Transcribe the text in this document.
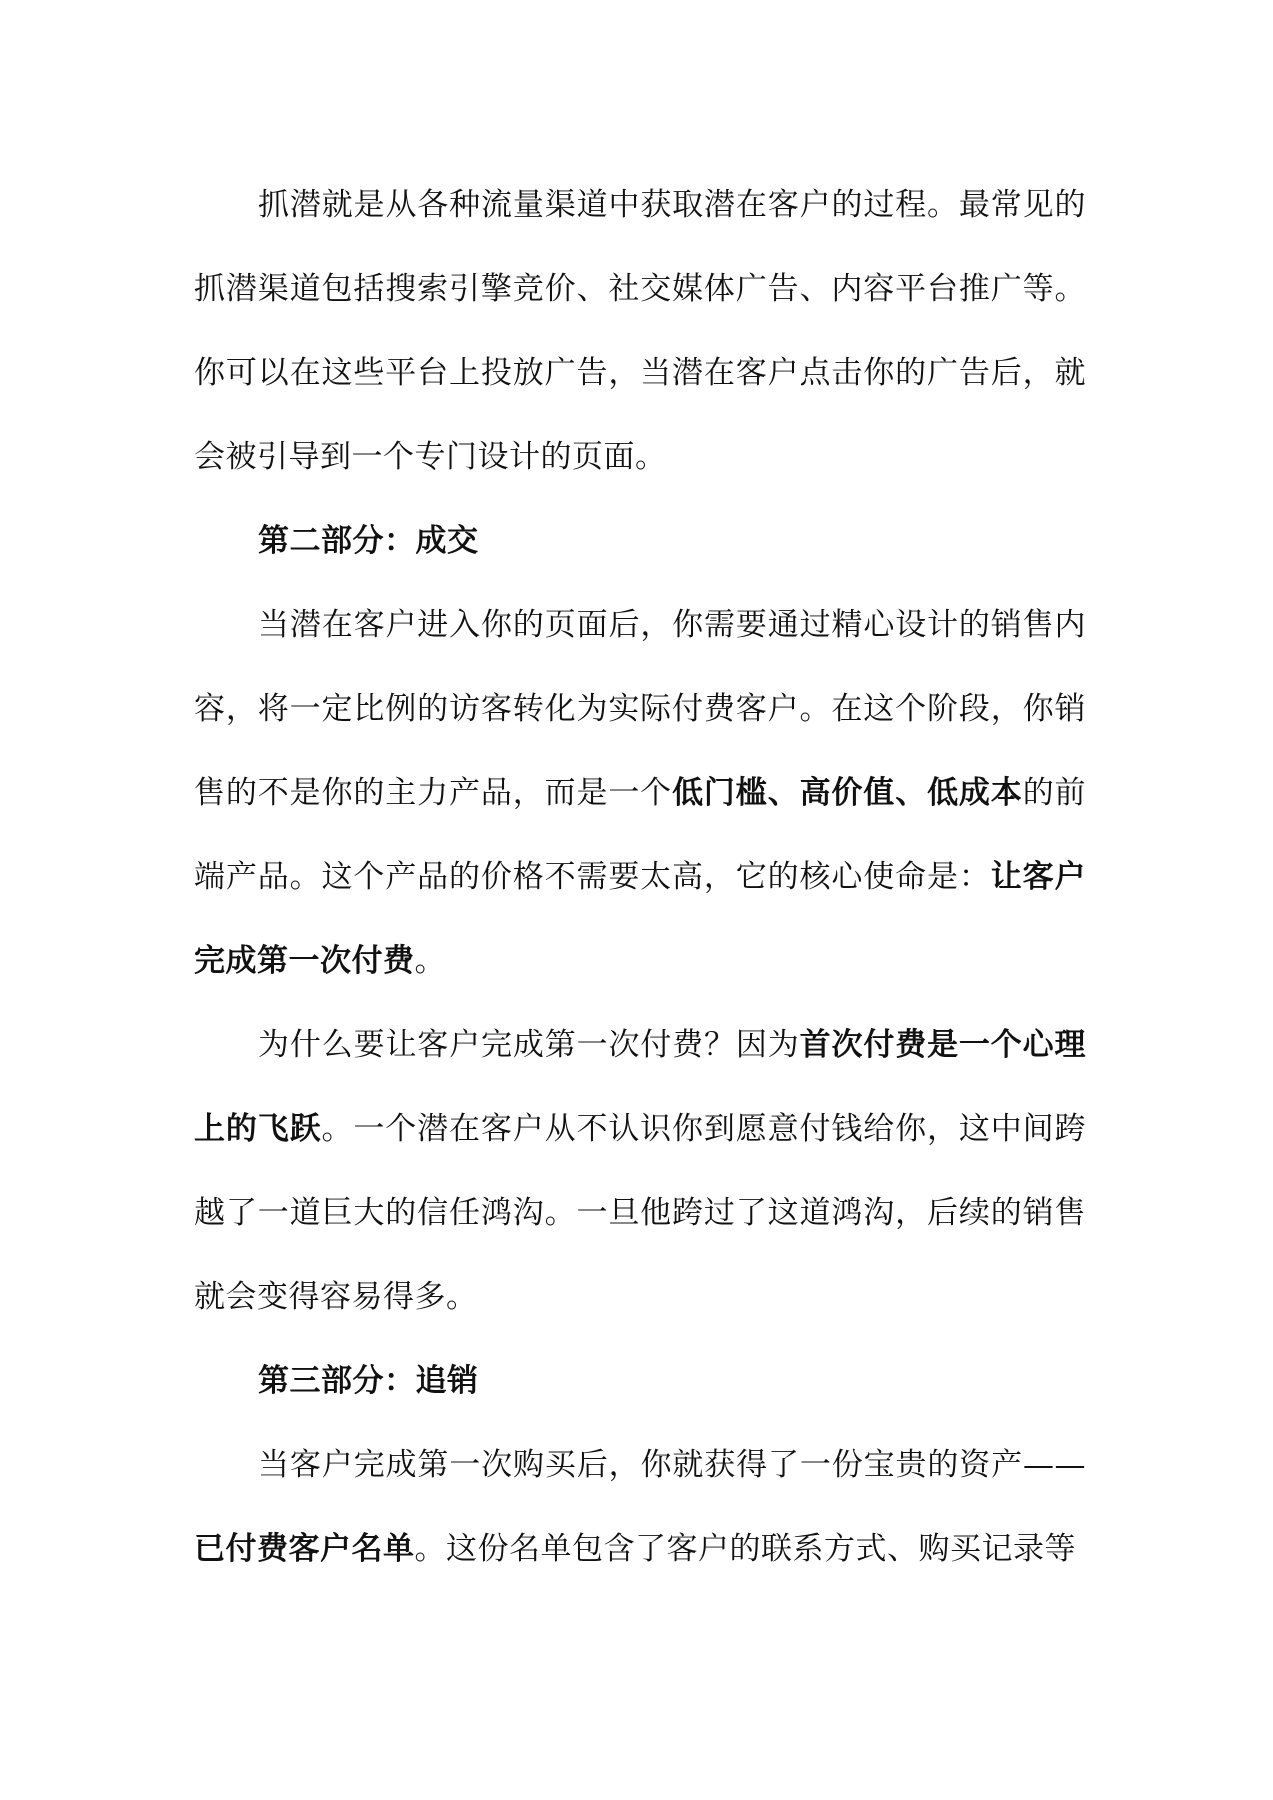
抓潜就是从各种流量渠道中获取潜在客户的过程。最常见的抓潜渠道包括搜索引擎竞价、社交媒体广告、内容平台推广等。你可以在这些平台上投放广告，当潜在客户点击你的广告后，就会被引导到一个专门设计的页面。

第二部分：成交

当潜在客户进入你的页面后，你需要通过精心设计的销售内容，将一定比例的访客转化为实际付费客户。在这个阶段，你销售的不是你的主力产品，而是一个低门槛、高价值、低成本的前端产品。这个产品的价格不需要太高，它的核心使命是：让客户完成第一次付费。

为什么要让客户完成第一次付费？因为首次付费是一个心理上的飞跃。一个潜在客户从不认识你到愿意付钱给你，这中间跨越了一道巨大的信任鸿沟。一旦他跨过了这道鸿沟，后续的销售就会变得容易得多。

第三部分：追销

当客户完成第一次购买后，你就获得了一份宝贵的资产——已付费客户名单。这份名单包含了客户的联系方式、购买记录等
